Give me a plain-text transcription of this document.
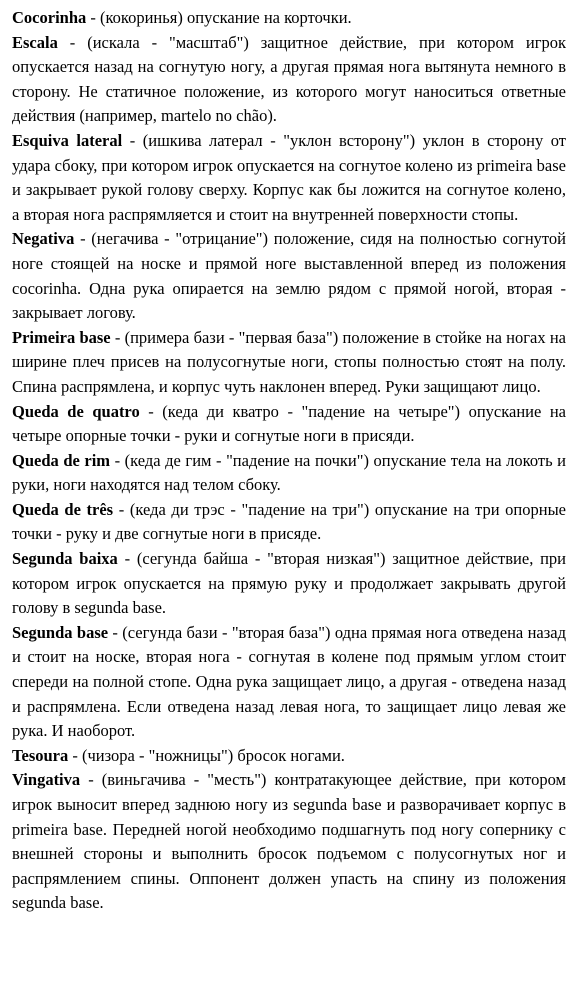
Cocorinha - (кокоринья) опускание на корточки.

Escala - (искала - "масштаб") защитное действие, при котором игрок опускается назад на согнутую ногу, а другая прямая нога вытянута немного в сторону. Не статичное положение, из которого могут наноситься ответные действия (например, martelo no chão).

Esquiva lateral - (ишкива латерал - "уклон всторону") уклон в сторону от удара сбоку, при котором игрок опускается на согнутое колено из primeira base и закрывает рукой голову сверху. Корпус как бы ложится на согнутое колено, а вторая нога распрямляется и стоит на внутренней поверхности стопы.

Negativa - (негачива - "отрицание") положение, сидя на полностью согнутой ноге стоящей на носке и прямой ноге выставленной вперед из положения cocorinha. Одна рука опирается на землю рядом с прямой ногой, вторая - закрывает логову.

Primeira base - (примера бази - "первая база") положение в стойке на ногах на ширине плеч присев на полусогнутые ноги, стопы полностью стоят на полу. Спина распрямлена, и корпус чуть наклонен вперед. Руки защищают лицо.

Queda de quatro - (кеда ди кватро - "падение на четыре") опускание на четыре опорные точки - руки и согнутые ноги в присяди.

Queda de rim - (кеда де гим - "падение на почки") опускание тела на локоть и руки, ноги находятся над телом сбоку.

Queda de três - (кеда ди трэс - "падение на три") опускание на три опорные точки - руку и две согнутые ноги в присяде.

Segunda baixa - (сегунда байша - "вторая низкая") защитное действие, при котором игрок опускается на прямую руку и продолжает закрывать другой голову в segunda base.

Segunda base - (сегунда бази - "вторая база") одна прямая нога отведена назад и стоит на носке, вторая нога - согнутая в колене под прямым углом стоит спереди на полной стопе. Одна рука защищает лицо, а другая - отведена назад и распрямлена. Если отведена назад левая нога, то защищает лицо левая же рука. И наоборот.

Tesoura - (чизора - "ножницы") бросок ногами.

Vingativa - (виньгачива - "месть") контратакующее действие, при котором игрок выносит вперед заднюю ногу из segunda base и разворачивает корпус в primeira base. Передней ногой необходимо подшагнуть под ногу сопернику с внешней стороны и выполнить бросок подъемом с полусогнутых ног и распрямлением спины. Оппонент должен упасть на спину из положения segunda base.
